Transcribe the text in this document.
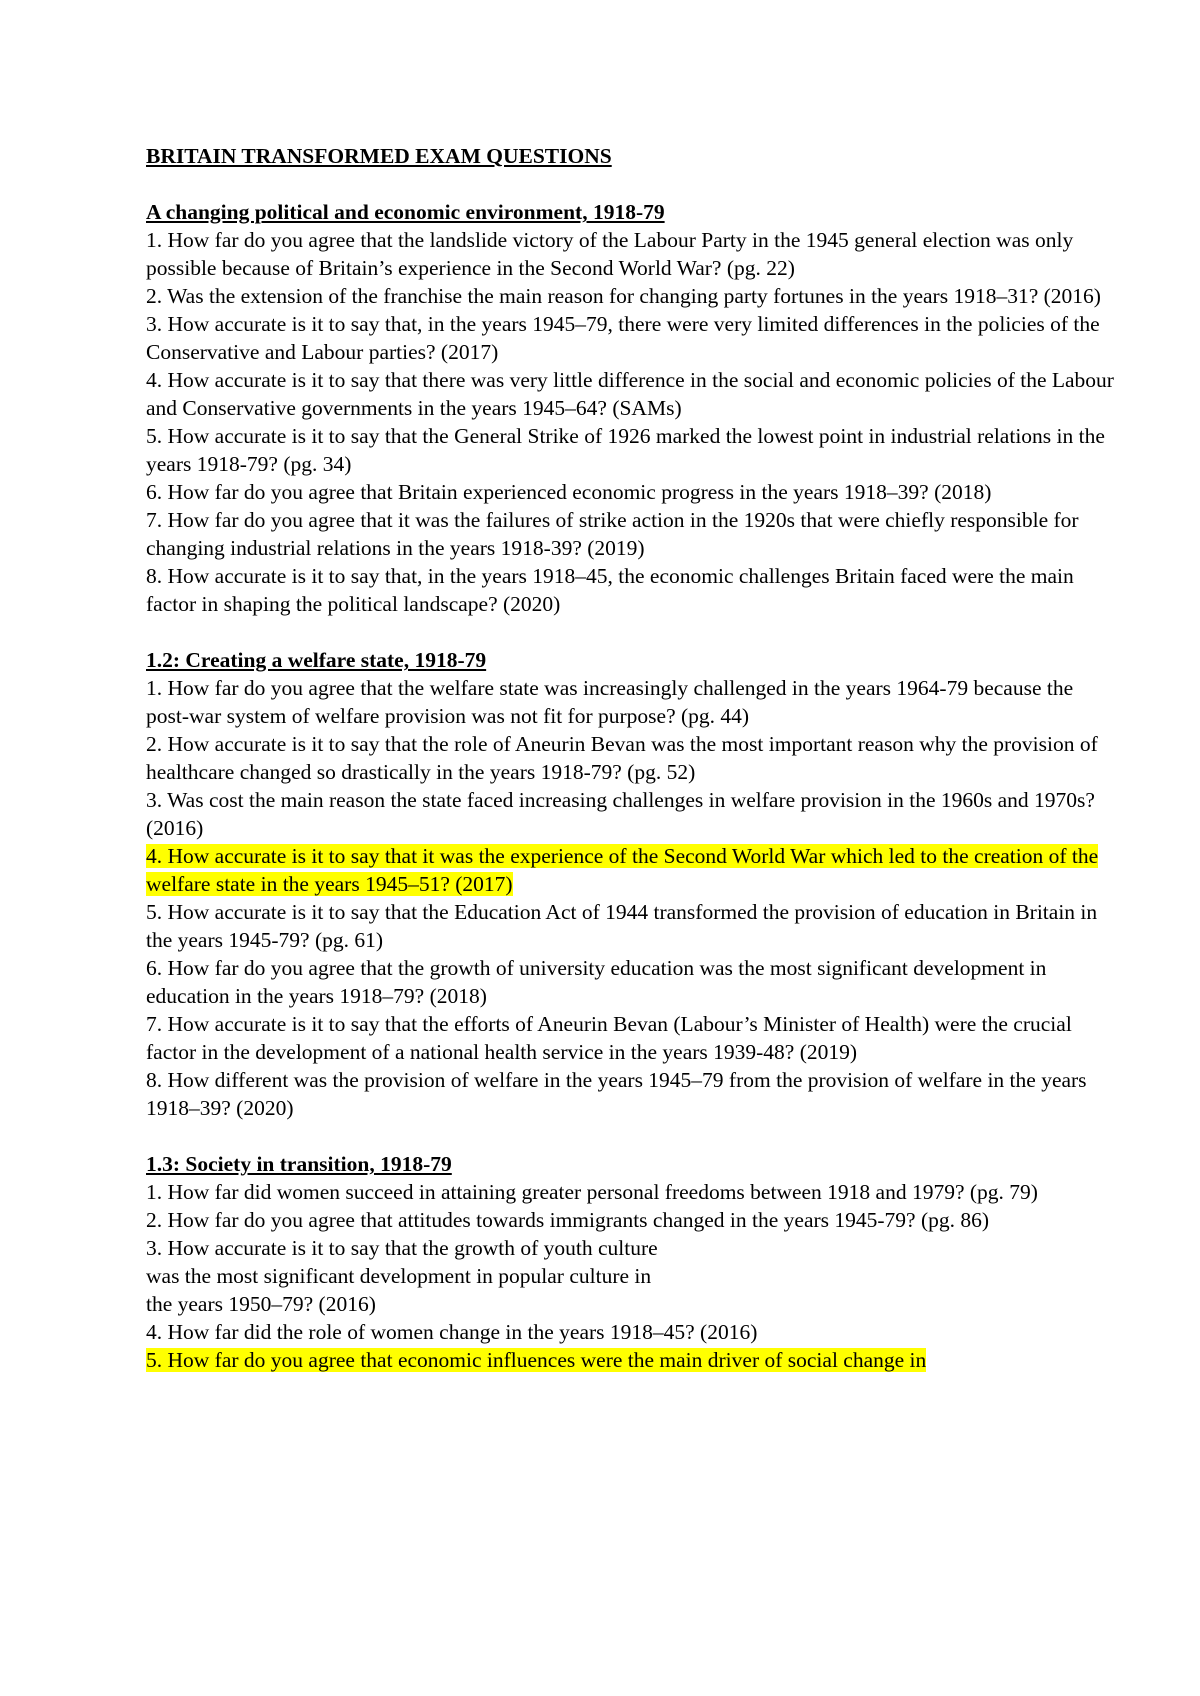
BRITAIN TRANSFORMED EXAM QUESTIONS
A changing political and economic environment, 1918-79
1. How far do you agree that the landslide victory of the Labour Party in the 1945 general election was only possible because of Britain’s experience in the Second World War? (pg. 22)
2. Was the extension of the franchise the main reason for changing party fortunes in the years 1918–31? (2016)
3. How accurate is it to say that, in the years 1945–79, there were very limited differences in the policies of the Conservative and Labour parties? (2017)
4. How accurate is it to say that there was very little difference in the social and economic policies of the Labour and Conservative governments in the years 1945–64? (SAMs)
5. How accurate is it to say that the General Strike of 1926 marked the lowest point in industrial relations in the years 1918-79? (pg. 34)
6. How far do you agree that Britain experienced economic progress in the years 1918–39? (2018)
7. How far do you agree that it was the failures of strike action in the 1920s that were chiefly responsible for changing industrial relations in the years 1918-39? (2019)
8. How accurate is it to say that, in the years 1918–45, the economic challenges Britain faced were the main factor in shaping the political landscape? (2020)
1.2: Creating a welfare state, 1918-79
1. How far do you agree that the welfare state was increasingly challenged in the years 1964-79 because the post-war system of welfare provision was not fit for purpose? (pg. 44)
2. How accurate is it to say that the role of Aneurin Bevan was the most important reason why the provision of healthcare changed so drastically in the years 1918-79? (pg. 52)
3. Was cost the main reason the state faced increasing challenges in welfare provision in the 1960s and 1970s? (2016)
4. How accurate is it to say that it was the experience of the Second World War which led to the creation of the welfare state in the years 1945–51? (2017)
5. How accurate is it to say that the Education Act of 1944 transformed the provision of education in Britain in the years 1945-79? (pg. 61)
6. How far do you agree that the growth of university education was the most significant development in education in the years 1918–79? (2018)
7. How accurate is it to say that the efforts of Aneurin Bevan (Labour’s Minister of Health) were the crucial factor in the development of a national health service in the years 1939-48? (2019)
8. How different was the provision of welfare in the years 1945–79 from the provision of welfare in the years 1918–39? (2020)
1.3: Society in transition, 1918-79
1. How far did women succeed in attaining greater personal freedoms between 1918 and 1979? (pg. 79)
2. How far do you agree that attitudes towards immigrants changed in the years 1945-79? (pg. 86)
3. How accurate is it to say that the growth of youth culture
was the most significant development in popular culture in
the years 1950–79? (2016)
4. How far did the role of women change in the years 1918–45? (2016)
5. How far do you agree that economic influences were the main driver of social change in
